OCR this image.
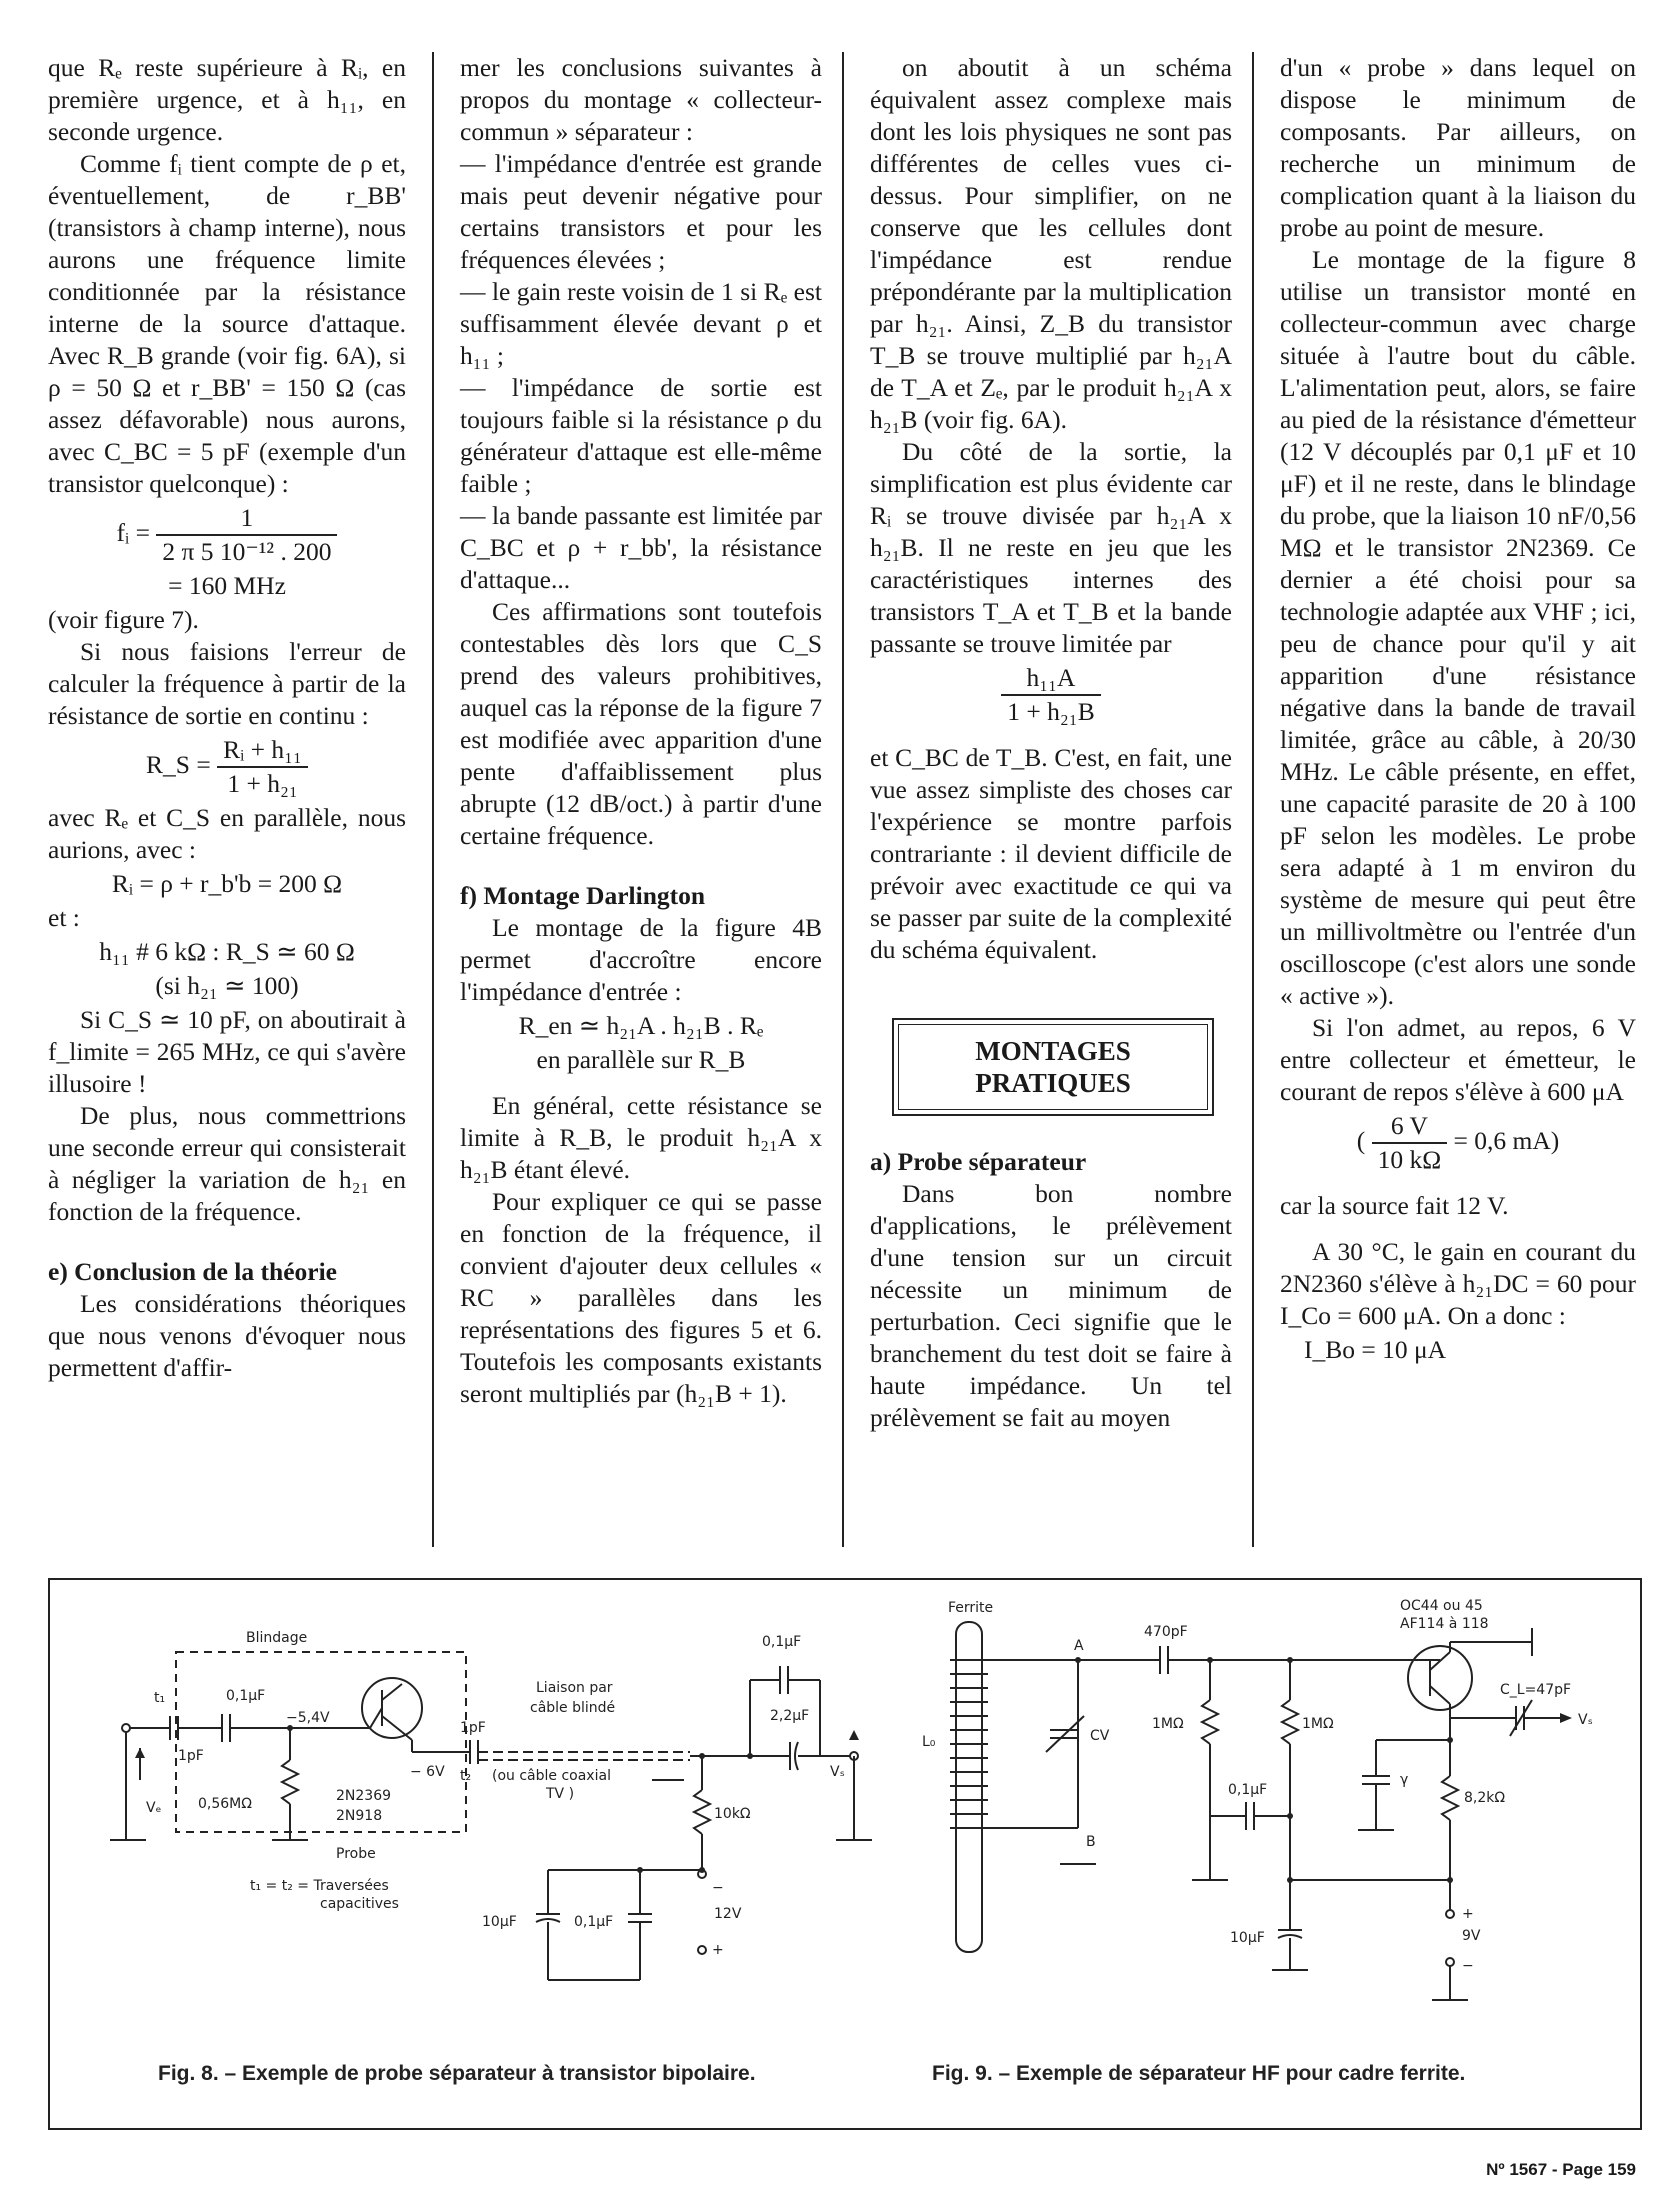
que Rₑ reste supérieure à Rᵢ, en première urgence, et à h₁₁, en seconde urgence.

Comme fᵢ tient compte de ρ et, éventuellement, de r_BB' (transistors à champ interne), nous aurons une fréquence limite conditionnée par la résistance interne de la source d'attaque. Avec R_B grande (voir fig. 6A), si ρ = 50 Ω et r_BB' = 150 Ω (cas assez défavorable) nous aurons, avec C_BC = 5 pF (exemple d'un transistor quelconque) :

fᵢ = $\frac{1}{\text{2 π 5 10⁻¹² . 200}}$
= 160 MHz

(voir figure 7).

Si nous faisions l'erreur de calculer la fréquence à partir de la résistance de sortie en continu :

R_S = $\frac{\text{Rᵢ + h₁₁}}{\text{1 + h₂₁}}$

avec Rₑ et C_S en parallèle, nous aurions, avec :

Rᵢ = ρ + r_b'b = 200 Ω

et :

h₁₁ # 6 kΩ : R_S ≃ 60 Ω
(si h₂₁ ≃ 100)

Si C_S ≃ 10 pF, on aboutirait à f_limite = 265 MHz, ce qui s'avère illusoire !

De plus, nous commettrions une seconde erreur qui consisterait à négliger la variation de h₂₁ en fonction de la fréquence.

e) Conclusion de la théorie

Les considérations théoriques que nous venons d'évoquer nous permettent d'affir-

mer les conclusions suivantes à propos du montage « collecteur-commun » séparateur :

— l'impédance d'entrée est grande mais peut devenir négative pour certains transistors et pour les fréquences élevées ;

— le gain reste voisin de 1 si Rₑ est suffisamment élevée devant ρ et h₁₁ ;

— l'impédance de sortie est toujours faible si la résistance ρ du générateur d'attaque est elle-même faible ;

— la bande passante est limitée par C_BC et ρ + r_bb', la résistance d'attaque...

Ces affirmations sont toutefois contestables dès lors que C_S prend des valeurs prohibitives, auquel cas la réponse de la figure 7 est modifiée avec apparition d'une pente d'affaiblissement plus abrupte (12 dB/oct.) à partir d'une certaine fréquence.

f) Montage Darlington

Le montage de la figure 4B permet d'accroître encore l'impédance d'entrée :

R_en ≃ h₂₁A . h₂₁B . Rₑ
en parallèle sur R_B

En général, cette résistance se limite à R_B, le produit h₂₁A x h₂₁B étant élevé.

Pour expliquer ce qui se passe en fonction de la fréquence, il convient d'ajouter deux cellules « RC » parallèles dans les représentations des figures 5 et 6. Toutefois les composants existants seront multipliés par (h₂₁B + 1).

on aboutit à un schéma équivalent assez complexe mais dont les lois physiques ne sont pas différentes de celles vues ci-dessus. Pour simplifier, on ne conserve que les cellules dont l'impédance est rendue prépondérante par la multiplication par h₂₁. Ainsi, Z_B du transistor T_B se trouve multiplié par h₂₁A de T_A et Zₑ, par le produit h₂₁A x h₂₁B (voir fig. 6A).

Du côté de la sortie, la simplification est plus évidente car Rᵢ se trouve divisée par h₂₁A x h₂₁B. Il ne reste en jeu que les caractéristiques internes des transistors T_A et T_B et la bande passante se trouve limitée par

$\frac{\text{h₁₁A}}{\text{1 + h₂₁B}}$

et C_BC de T_B. C'est, en fait, une vue assez simpliste des choses car l'expérience se montre parfois contrariante : il devient difficile de prévoir avec exactitude ce qui va se passer par suite de la complexité du schéma équivalent.

MONTAGES
PRATIQUES

a) Probe séparateur

Dans bon nombre d'applications, le prélèvement d'une tension sur un circuit nécessite un minimum de perturbation. Ceci signifie que le branchement du test doit se faire à haute impédance. Un tel prélèvement se fait au moyen

d'un « probe » dans lequel on dispose le minimum de composants. Par ailleurs, on recherche un minimum de complication quant à la liaison du probe au point de mesure.

Le montage de la figure 8 utilise un transistor monté en collecteur-commun avec charge située à l'autre bout du câble. L'alimentation peut, alors, se faire au pied de la résistance d'émetteur (12 V découplés par 0,1 μF et 10 μF) et il ne reste, dans le blindage du probe, que la liaison 10 nF/0,56 MΩ et le transistor 2N2369. Ce dernier a été choisi pour sa technologie adaptée aux VHF ; ici, peu de chance pour qu'il y ait apparition d'une résistance négative dans la bande de travail limitée, grâce au câble, à 20/30 MHz. Le câble présente, en effet, une capacité parasite de 20 à 100 pF selon les modèles. Le probe sera adapté à 1 m environ du système de mesure qui peut être un millivoltmètre ou l'entrée d'un oscilloscope (c'est alors une sonde « active »).

Si l'on admet, au repos, 6 V entre collecteur et émetteur, le courant de repos s'élève à 600 μA

( $\frac{6 V}{10 k\Omega} = 0,6$ mA)

car la source fait 12 V.

A 30 °C, le gain en courant du 2N2360 s'élève à h₂₁DC = 60 pour I_Co = 600 μA. On a donc :

I_Bo = 10 μA
Blindage
t₁	0,1μF
−5,4V
1pF
Vₑ	0,56MΩ	2N2369
2N918
− 6V
1pF
t₂
Probe
t₁ = t₂ = Traversées
capacitives
Liaison par
câble blindé
(ou câble coaxial
TV )
0,1μF
2,2μF
Vₛ
10kΩ
10μF	0,1μF
−
12V
+
Ferrite
L₀
A
B
CV
470pF
1MΩ	1MΩ
0,1μF
10μF
OC44 ou 45
AF114 à 118
C_L=47pF
Vₛ
γ
8,2kΩ
+
9V
−
Fig. 8. – Exemple de probe séparateur à transistor bipolaire.	Fig. 9. – Exemple de séparateur HF pour cadre ferrite.
Nº 1567 - Page 159
